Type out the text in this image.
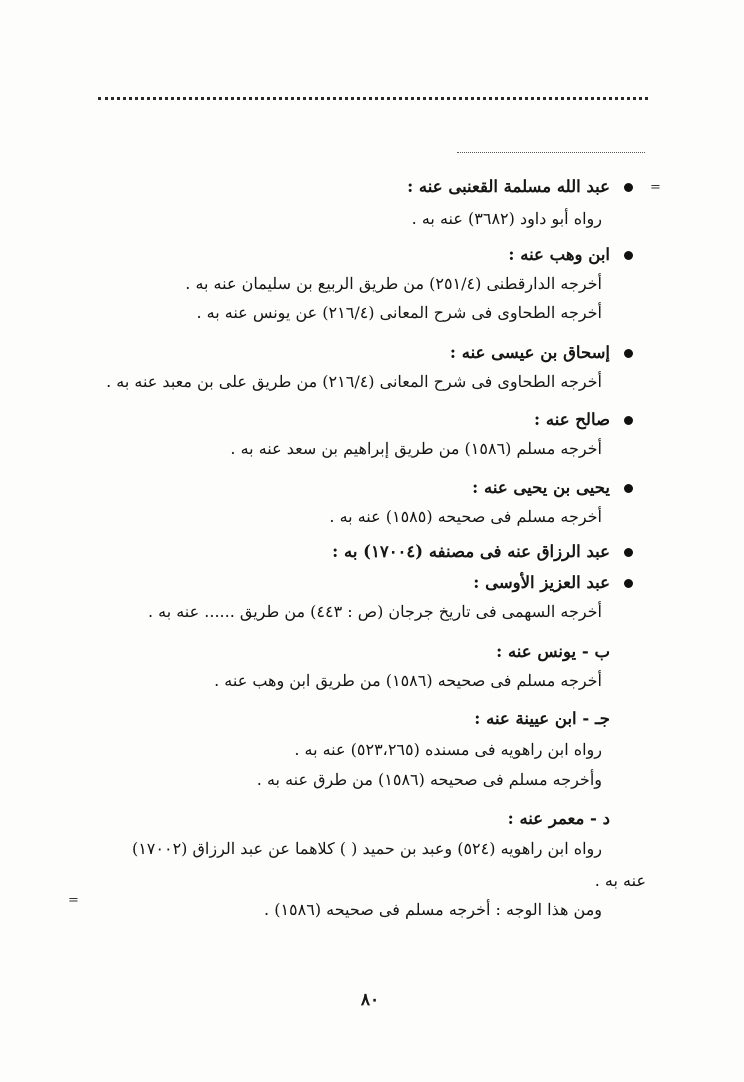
=
=
عبد الله مسلمة القعنبى عنه :
رواه أبو داود (٣٦٨٢) عنه به .
ابن وهب عنه :
أخرجه الدارقطنى (٢٥١/٤) من طريق الربيع بن سليمان عنه به .
أخرجه الطحاوى فى شرح المعانى (٢١٦/٤) عن يونس عنه به .
إسحاق بن عيسى عنه :
أخرجه الطحاوى فى شرح المعانى (٢١٦/٤) من طريق على بن معبد عنه به .
صالح عنه :
أخرجه مسلم (١٥٨٦) من طريق إبراهيم بن سعد عنه به .
يحيى بن يحيى عنه :
أخرجه مسلم فى صحيحه (١٥٨٥) عنه به .
عبد الرزاق عنه فى مصنفه (١٧٠٠٤) به :
عبد العزيز الأوسى :
أخرجه السهمى فى تاريخ جرجان (ص : ٤٤٣) من طريق ...... عنه به .
ب - يونس عنه :
أخرجه مسلم فى صحيحه (١٥٨٦) من طريق ابن وهب عنه .
جـ - ابن عيينة عنه :
رواه ابن راهويه فى مسنده (٥٢٣،٢٦٥) عنه به .
وأخرجه مسلم فى صحيحه (١٥٨٦) من طرق عنه به .
د - معمر عنه :
رواه ابن راهويه (٥٢٤) وعبد بن حميد ( ) كلاهما عن عبد الرزاق (١٧٠٠٢)
عنه به .
ومن هذا الوجه : أخرجه مسلم فى صحيحه (١٥٨٦) .
٨٠
